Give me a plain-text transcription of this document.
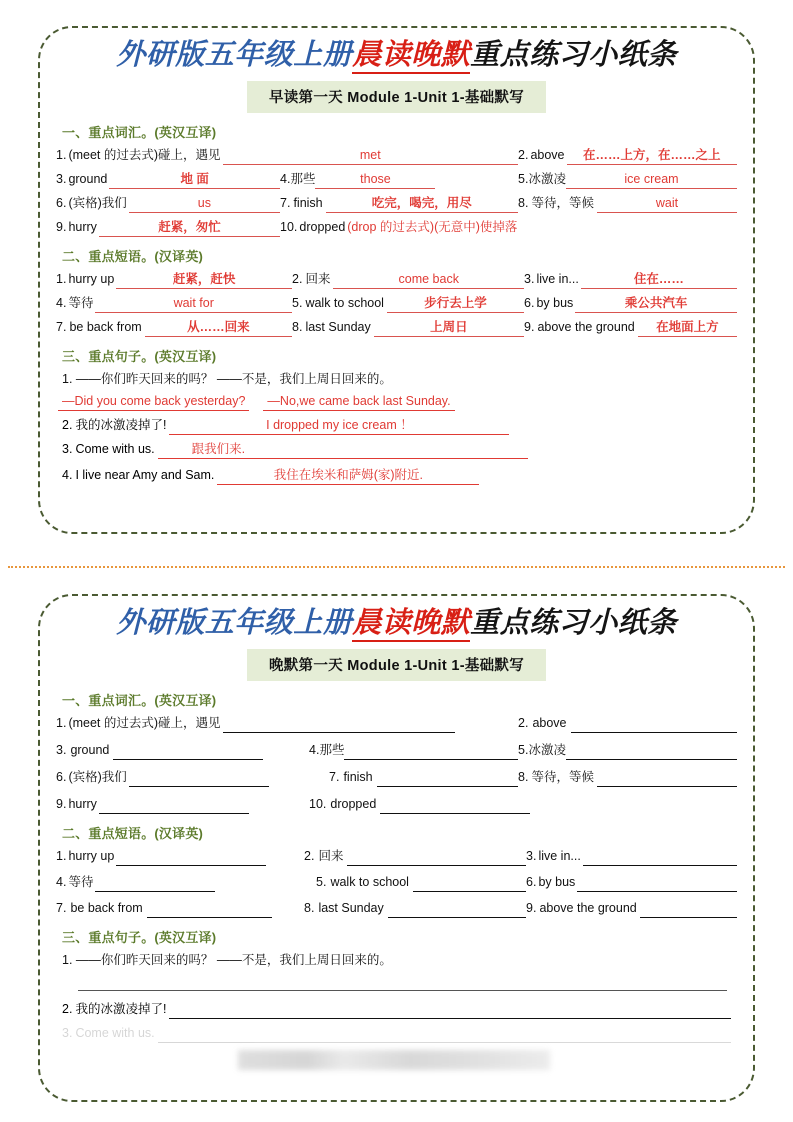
外研版五年级上册晨读晚默重点练习小纸条
早读第一天 Module 1-Unit 1-基础默写
一、重点词汇。(英汉互译)
1. (meet 的过去式)碰上，遇见	met	2. above	在……上方，在……之上
3. ground	地 面	4. 那些	those	5. 冰激凌	ice cream
6. (宾格)我们	us	7. finish	吃完，喝完，用尽	8. 等待，等候	wait
9. hurry	赶紧，匆忙	10. dropped (drop 的过去式)(无意中)使掉落
二、重点短语。(汉译英)
1. hurry up	赶紧，赶快	2. 回来	come back	3. live in...	住在……
4. 等待	wait for	5. walk to school	步行去上学	6. by bus	乘公共汽车
7. be back from	从……回来	8. last Sunday	上周日	9. above the ground	在地面上方
三、重点句子。(英汉互译)
1. ——你们昨天回来的吗？ ——不是，我们上周日回来的。
—Did you come back yesterday?	—No,we came back last Sunday.
2. 我的冰激凌掉了!	I dropped my ice cream ！
3. Come with us.	跟我们来.
4. I live near Amy and Sam.	我住在埃米和萨姆(家)附近.
外研版五年级上册晨读晚默重点练习小纸条
晚默第一天 Module 1-Unit 1-基础默写
一、重点词汇。(英汉互译)
1. (meet 的过去式)碰上，遇见	2. above
3. ground	4. 那些	5. 冰激凌
6. (宾格)我们	7. finish	8. 等待，等候
9. hurry	10. dropped
二、重点短语。(汉译英)
1. hurry up	2. 回来	3. live in...
4. 等待	5. walk to school	6. by bus
7. be back from	8. last Sunday	9. above the ground
三、重点句子。(英汉互译)
1. ——你们昨天回来的吗？ ——不是，我们上周日回来的。
2. 我的冰激凌掉了!
3. Come with us.
